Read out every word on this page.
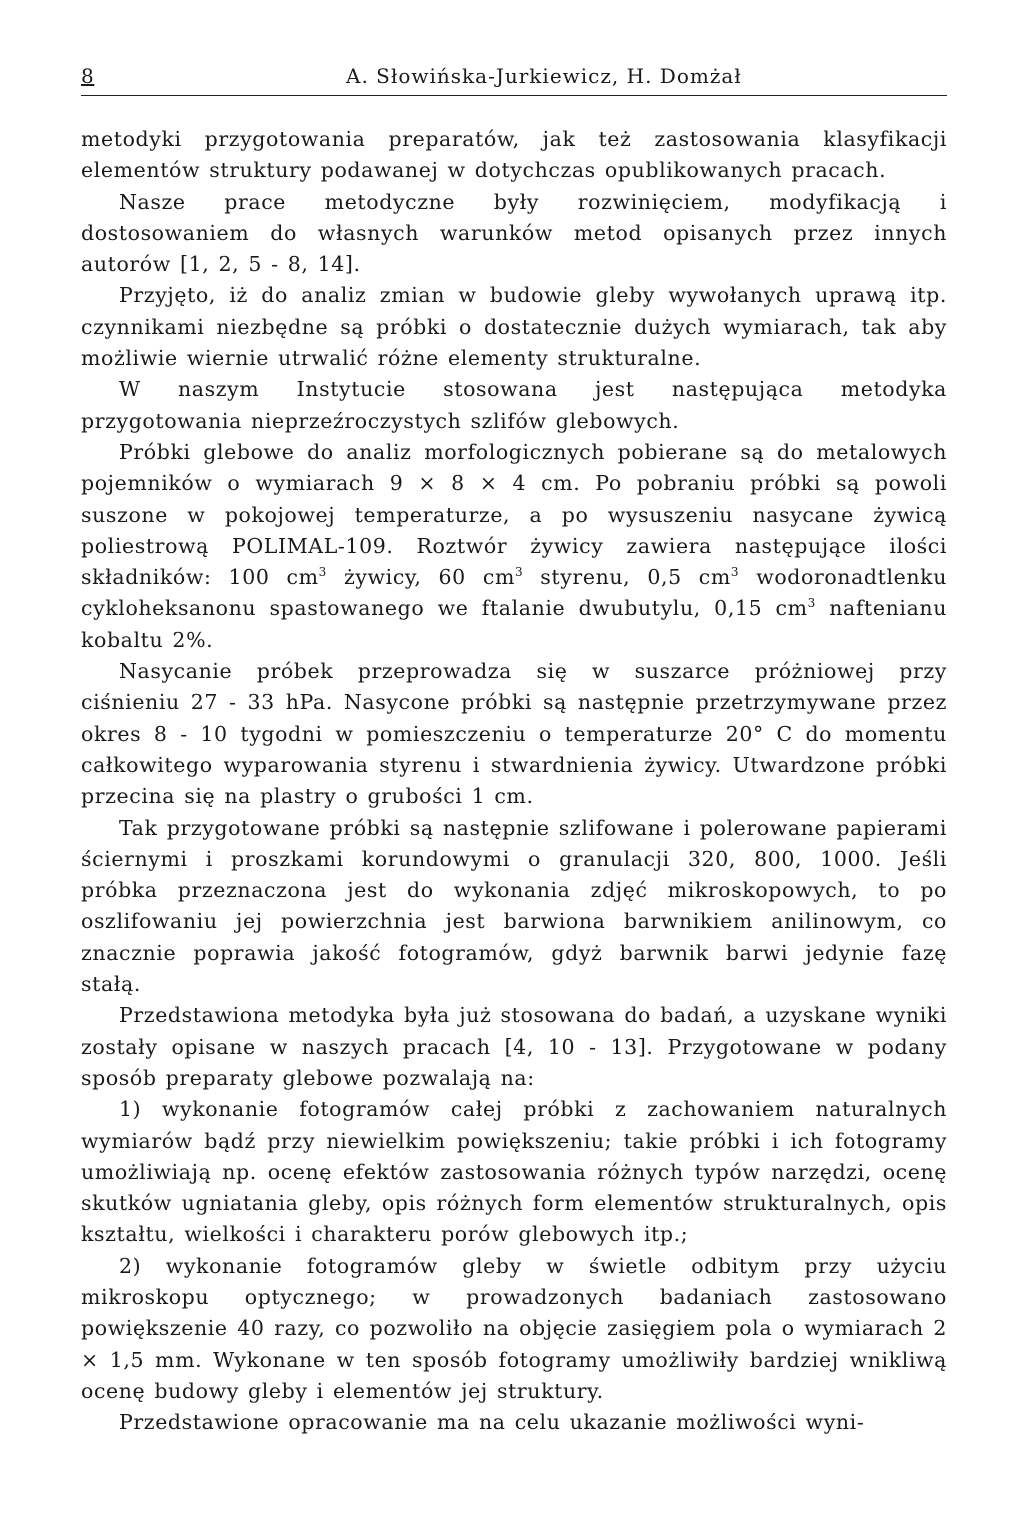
8	A. Słowińska-Jurkiewicz, H. Domżał

metodyki przygotowania preparatów, jak też zastosowania klasyfikacji elementów struktury podawanej w dotychczas opublikowanych pracach.

Nasze prace metodyczne były rozwinięciem, modyfikacją i dostosowaniem do własnych warunków metod opisanych przez innych autorów [1, 2, 5 - 8, 14].

Przyjęto, iż do analiz zmian w budowie gleby wywołanych uprawą itp. czynnikami niezbędne są próbki o dostatecznie dużych wymiarach, tak aby możliwie wiernie utrwalić różne elementy strukturalne.

W naszym Instytucie stosowana jest następująca metodyka przygotowania nieprzeźroczystych szlifów glebowych.

Próbki glebowe do analiz morfologicznych pobierane są do metalowych pojemników o wymiarach 9 × 8 × 4 cm. Po pobraniu próbki są powoli suszone w pokojowej temperaturze, a po wysuszeniu nasycane żywicą poliestrową POLIMAL-109. Roztwór żywicy zawiera następujące ilości składników: 100 $cm^3$ żywicy, 60 $cm^3$ styrenu, 0,5 $cm^3$ wodoronadtlenku cykloheksanonu spastowanego we ftalanie dwubutylu, 0,15 $cm^3$ naftenianu kobaltu 2%.

Nasycanie próbek przeprowadza się w suszarce próżniowej przy ciśnieniu 27 - 33 hPa. Nasycone próbki są następnie przetrzymywane przez okres 8 - 10 tygodni w pomieszczeniu o temperaturze 20° C do momentu całkowitego wyparowania styrenu i stwardnienia żywicy. Utwardzone próbki przecina się na plastry o grubości 1 cm.

Tak przygotowane próbki są następnie szlifowane i polerowane papierami ściernymi i proszkami korundowymi o granulacji 320, 800, 1000. Jeśli próbka przeznaczona jest do wykonania zdjęć mikroskopowych, to po oszlifowaniu jej powierzchnia jest barwiona barwnikiem anilinowym, co znacznie poprawia jakość fotogramów, gdyż barwnik barwi jedynie fazę stałą.

Przedstawiona metodyka była już stosowana do badań, a uzyskane wyniki zostały opisane w naszych pracach [4, 10 - 13]. Przygotowane w podany sposób preparaty glebowe pozwalają na:

1) wykonanie fotogramów całej próbki z zachowaniem naturalnych wymiarów bądź przy niewielkim powiększeniu; takie próbki i ich fotogramy umożliwiają np. ocenę efektów zastosowania różnych typów narzędzi, ocenę skutków ugniatania gleby, opis różnych form elementów strukturalnych, opis kształtu, wielkości i charakteru porów glebowych itp.;

2) wykonanie fotogramów gleby w świetle odbitym przy użyciu mikroskopu optycznego; w prowadzonych badaniach zastosowano powiększenie 40 razy, co pozwoliło na objęcie zasięgiem pola o wymiarach 2 × 1,5 mm. Wykonane w ten sposób fotogramy umożliwiły bardziej wnikliwą ocenę budowy gleby i elementów jej struktury.

Przedstawione opracowanie ma na celu ukazanie możliwości wyni-
